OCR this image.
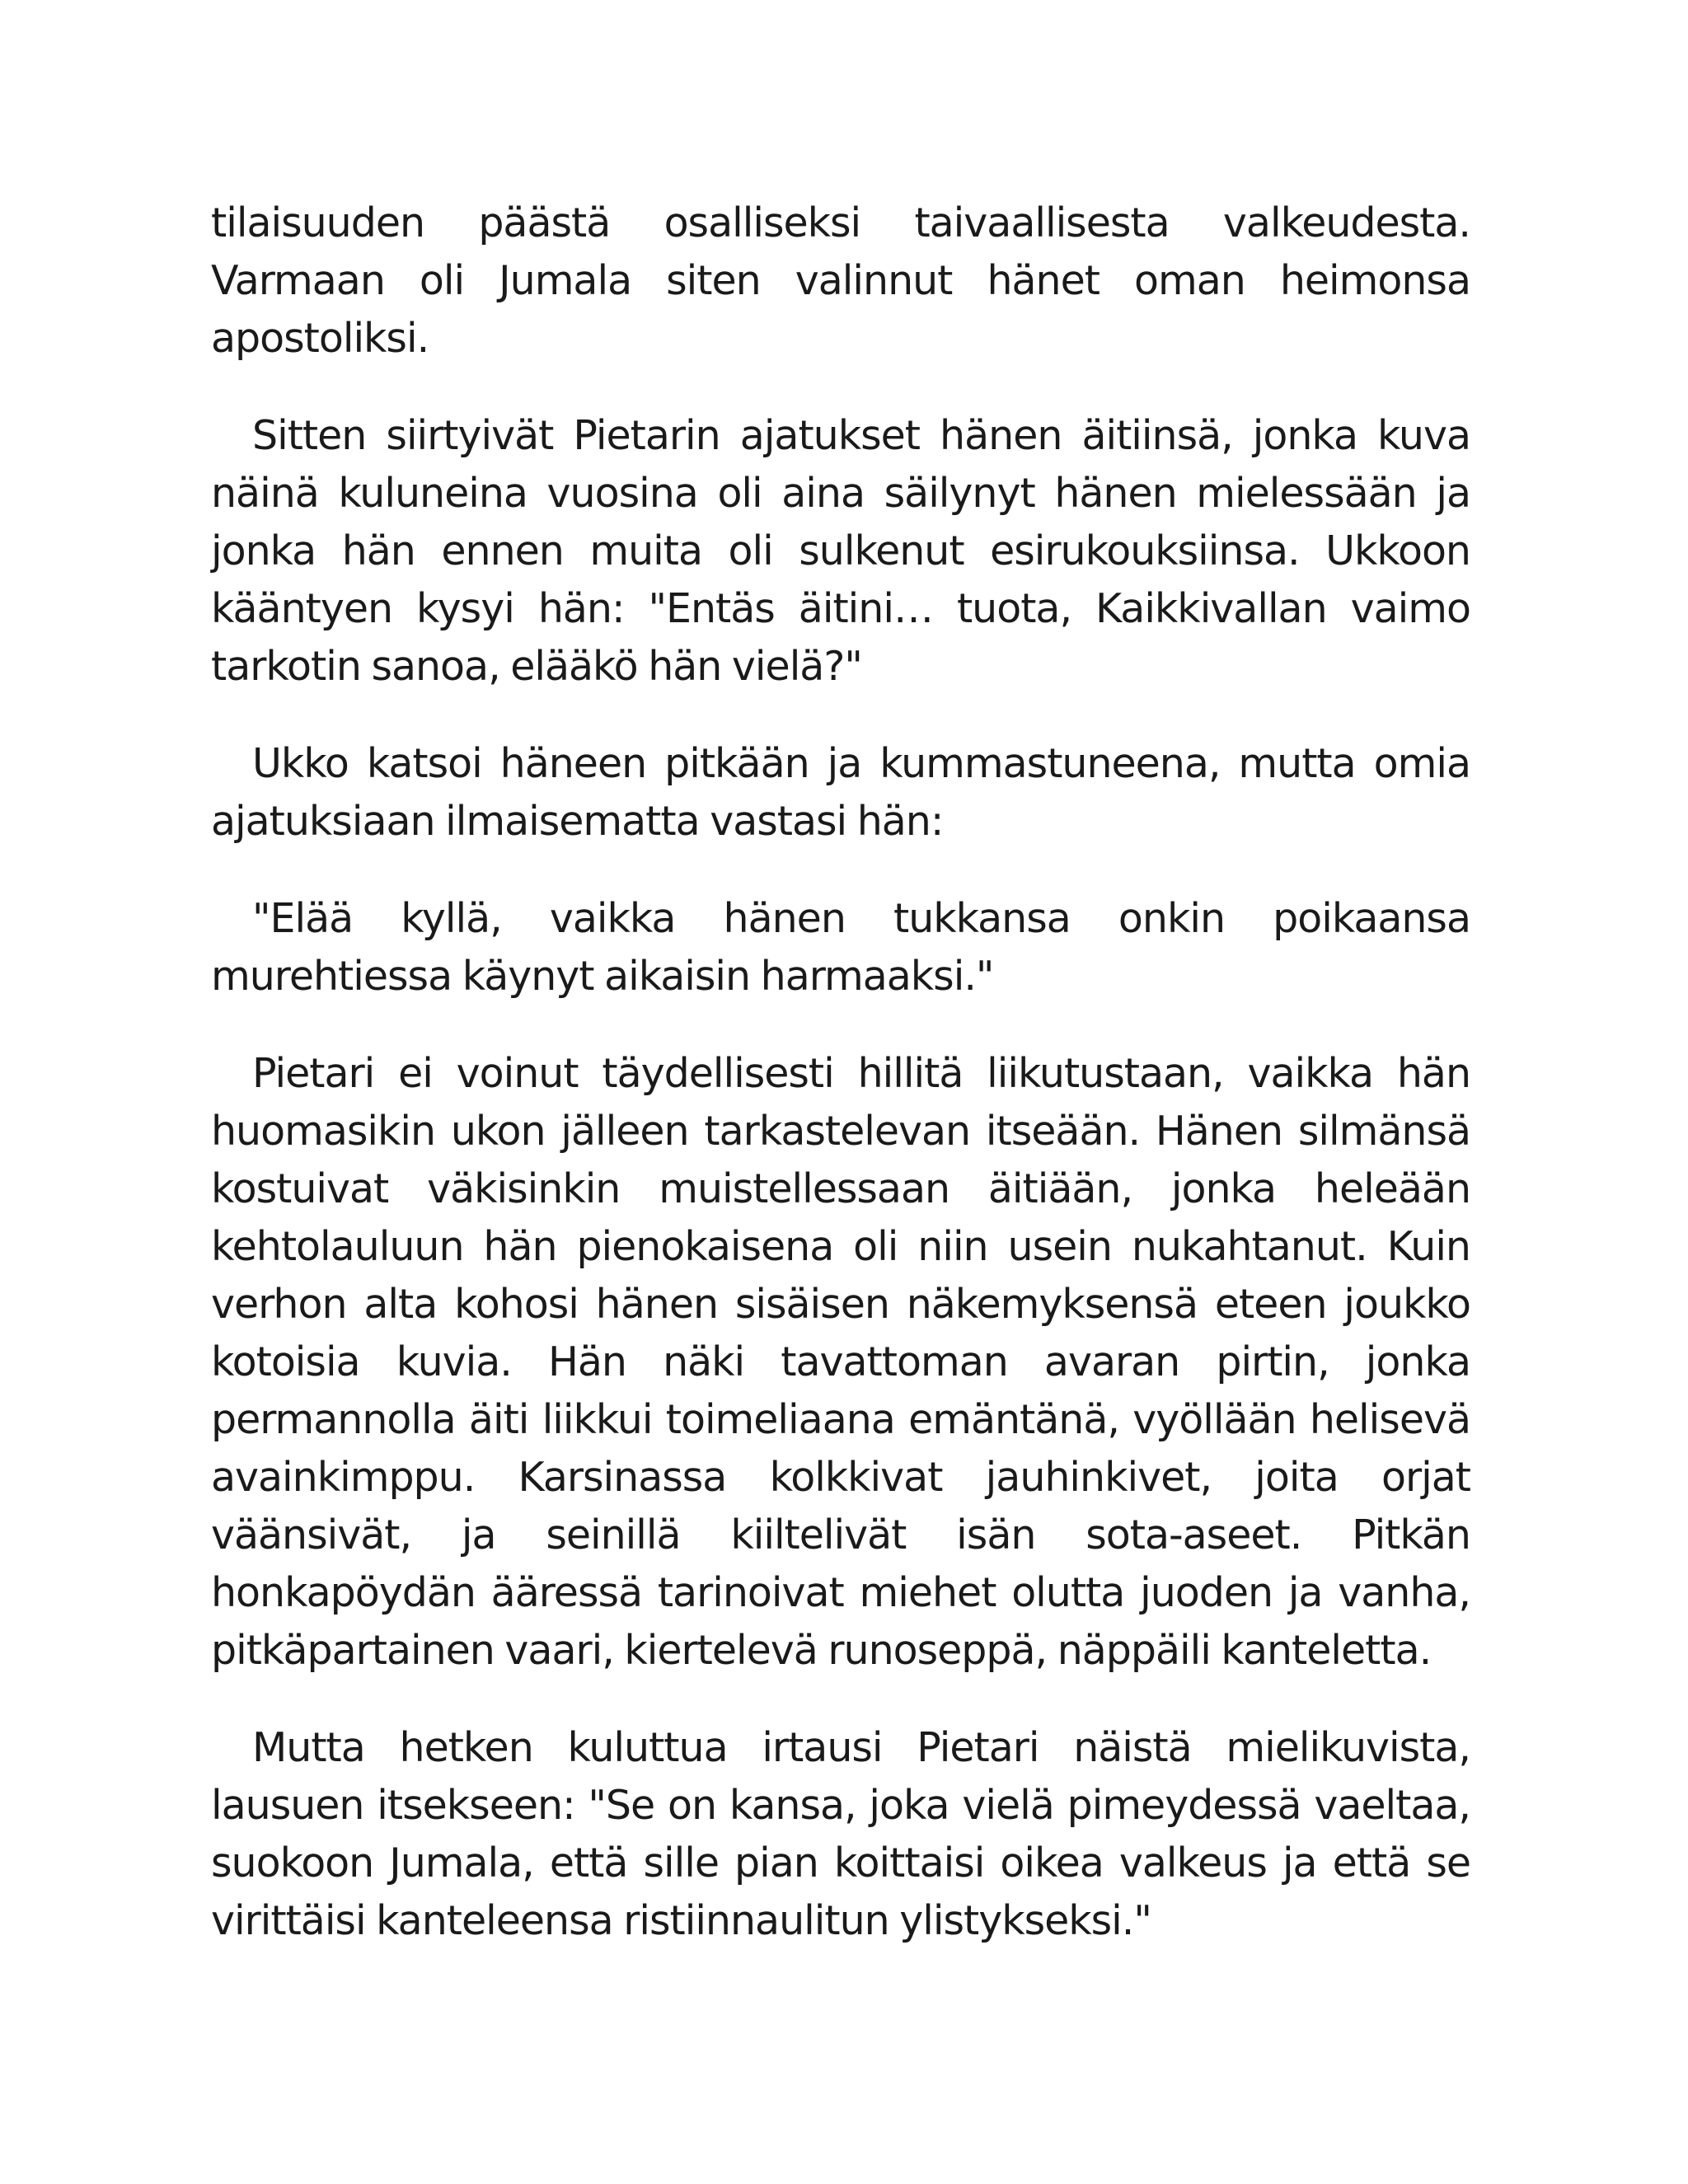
tilaisuuden päästä osalliseksi taivaallisesta valkeudesta. Varmaan oli Jumala siten valinnut hänet oman heimonsa apostoliksi.

Sitten siirtyivät Pietarin ajatukset hänen äitiinsä, jonka kuva näinä kuluneina vuosina oli aina säilynyt hänen mielessään ja jonka hän ennen muita oli sulkenut esirukouksiinsa. Ukkoon kääntyen kysyi hän: "Entäs äitini… tuota, Kaikkivallan vaimo tarkotin sanoa, elääkö hän vielä?"

Ukko katsoi häneen pitkään ja kummastuneena, mutta omia ajatuksiaan ilmaisematta vastasi hän:

"Elää kyllä, vaikka hänen tukkansa onkin poikaansa murehtiessa käynyt aikaisin harmaaksi."

Pietari ei voinut täydellisesti hillitä liikutustaan, vaikka hän huomasikin ukon jälleen tarkastelevan itseään. Hänen silmänsä kostuivat väkisinkin muistellessaan äitiään, jonka heleään kehtolauluun hän pienokaisena oli niin usein nukahtanut. Kuin verhon alta kohosi hänen sisäisen näkemyksensä eteen joukko kotoisia kuvia. Hän näki tavattoman avaran pirtin, jonka permannolla äiti liikkui toimeliaana emäntänä, vyöllään helisevä avainkimppu. Karsinassa kolkkivat jauhinkivet, joita orjat väänsivät, ja seinillä kiiltelivät isän sota-aseet. Pitkän honkapöydän ääressä tarinoivat miehet olutta juoden ja vanha, pitkäpartainen vaari, kiertelevä runoseppä, näppäili kanteletta.

Mutta hetken kuluttua irtausi Pietari näistä mielikuvista, lausuen itsekseen: "Se on kansa, joka vielä pimeydessä vaeltaa, suokoon Jumala, että sille pian koittaisi oikea valkeus ja että se virittäisi kanteleensa ristiinnaulitun ylistykseksi."
